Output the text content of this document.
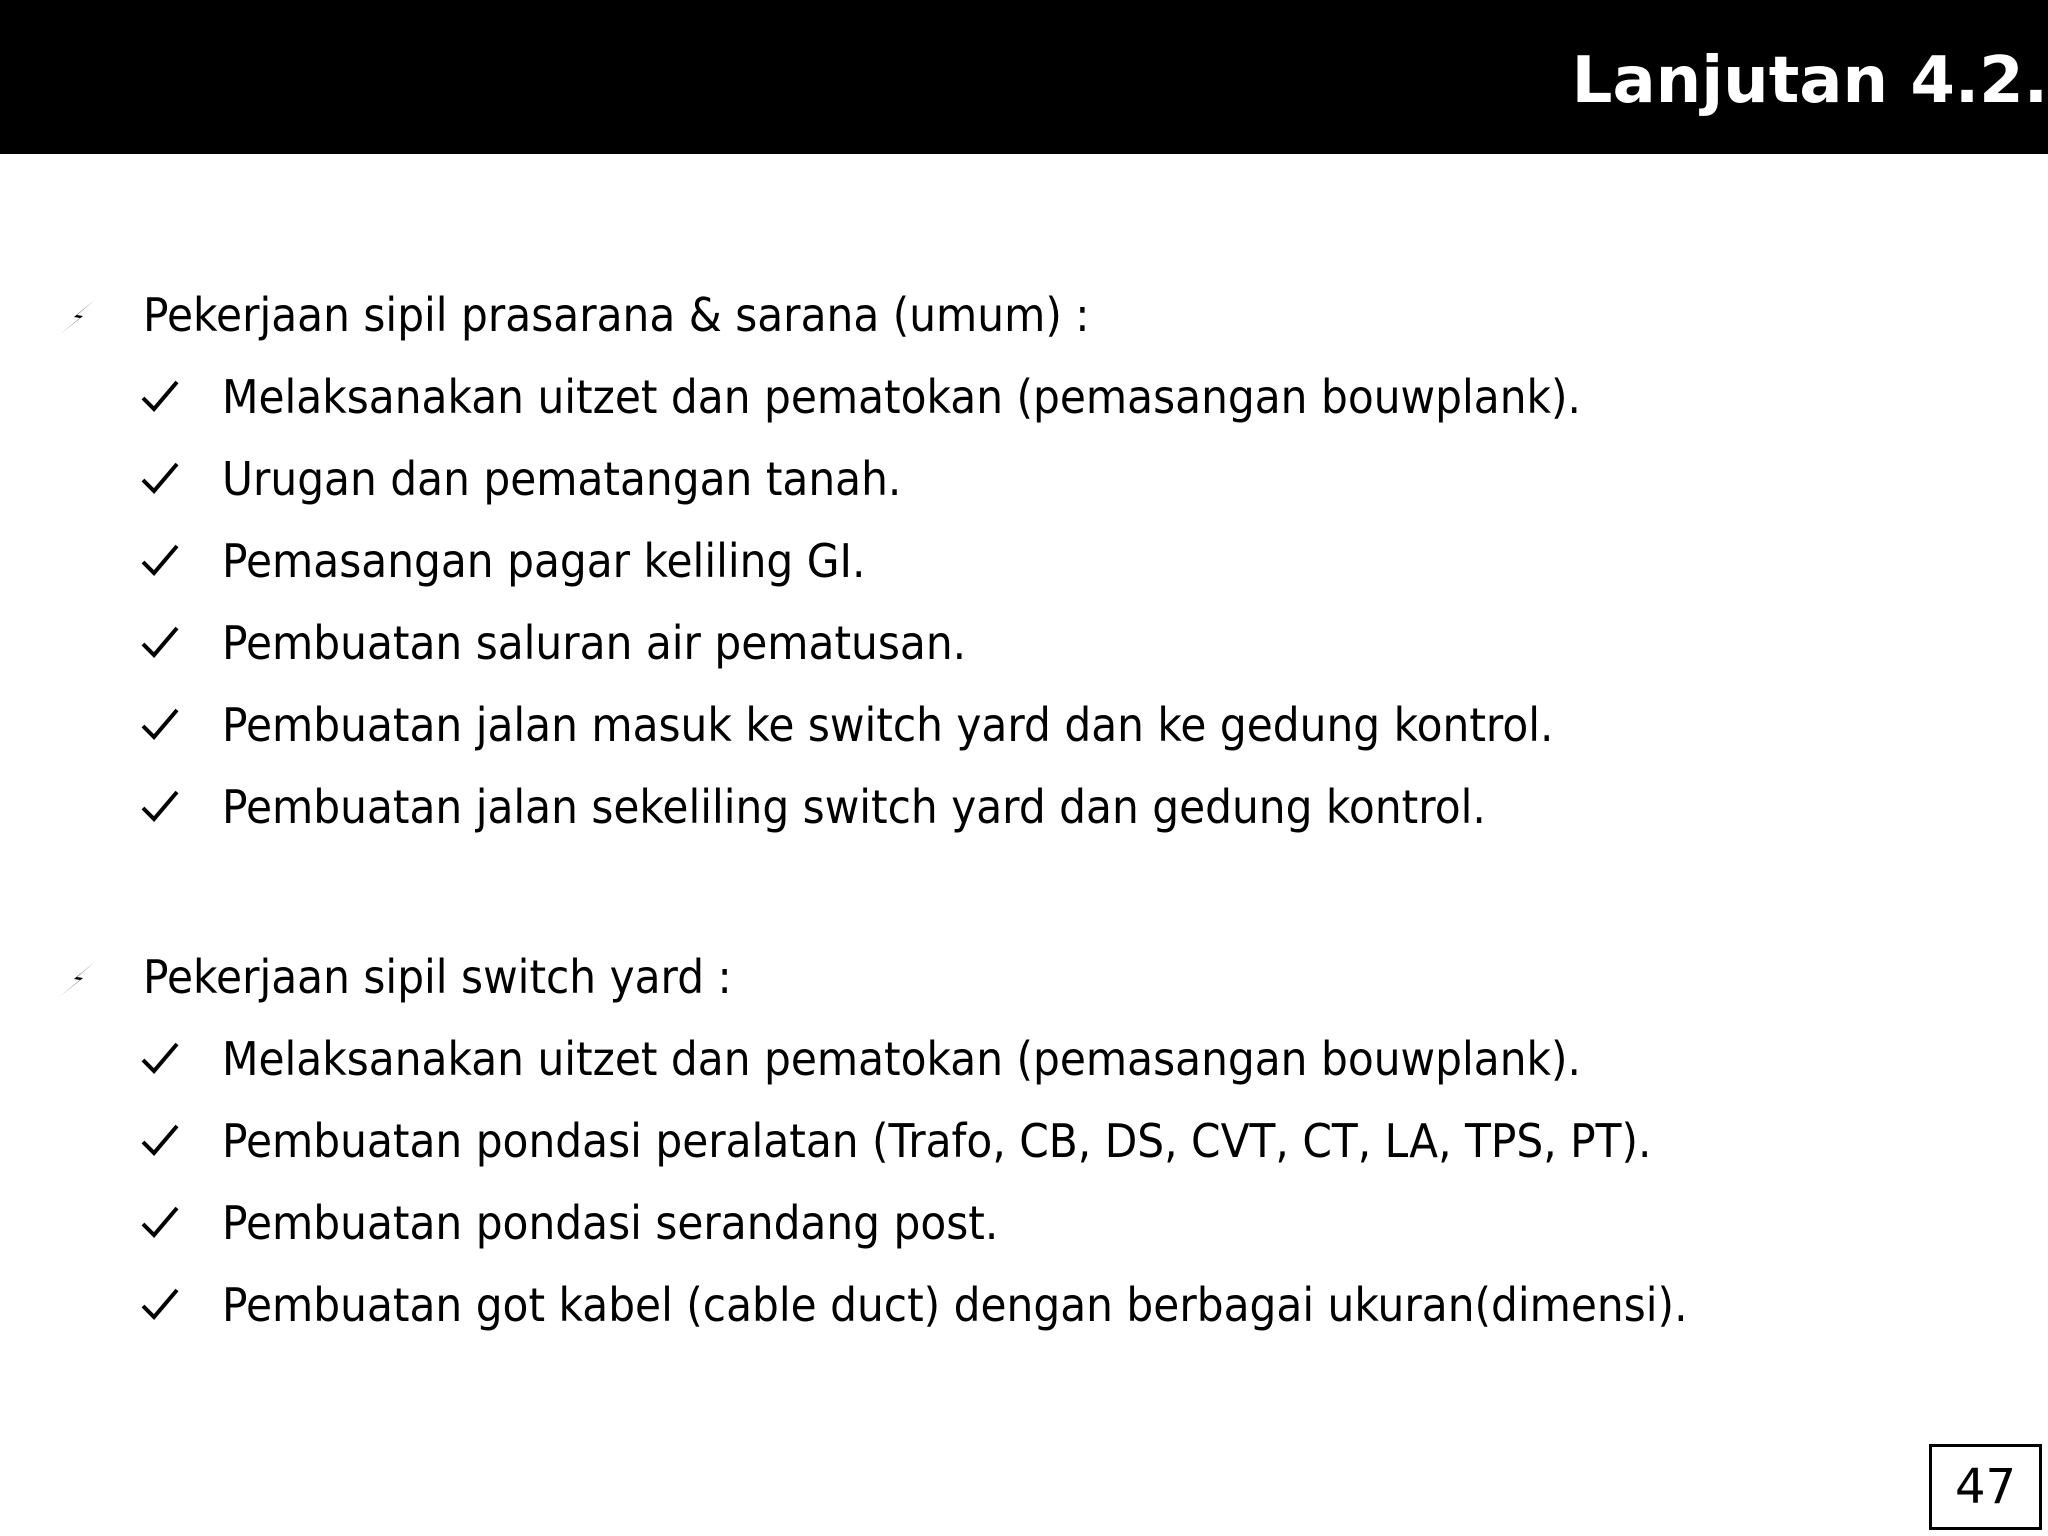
Lanjutan 4.2.
Pekerjaan sipil prasarana & sarana (umum) :
Melaksanakan uitzet dan pematokan (pemasangan bouwplank).
Urugan dan pematangan tanah.
Pemasangan pagar keliling GI.
Pembuatan saluran air pematusan.
Pembuatan jalan masuk ke switch yard dan ke gedung kontrol.
Pembuatan jalan sekeliling switch yard dan gedung kontrol.
Pekerjaan sipil switch yard :
Melaksanakan uitzet dan pematokan (pemasangan bouwplank).
Pembuatan pondasi peralatan (Trafo, CB, DS, CVT, CT, LA, TPS, PT).
Pembuatan pondasi serandang post.
Pembuatan got kabel (cable duct) dengan berbagai ukuran(dimensi).
47
